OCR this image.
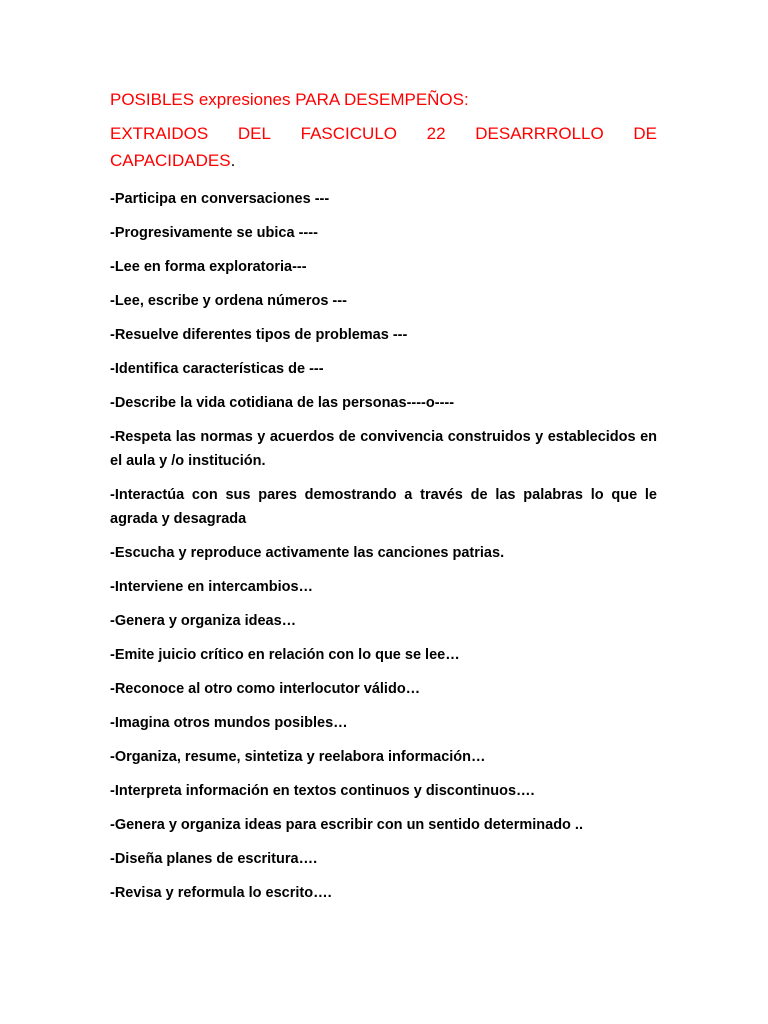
POSIBLES expresiones PARA DESEMPEÑOS:

EXTRAIDOS DEL FASCICULO 22 DESARRROLLO DE
CAPACIDADES.
-Participa en conversaciones ---
-Progresivamente se ubica ----
-Lee en forma exploratoria---
-Lee, escribe y ordena números ---
-Resuelve diferentes tipos de problemas ---
-Identifica características de ---
-Describe la vida cotidiana de las personas----o----
-Respeta las normas y acuerdos de convivencia construidos y establecidos en el aula y /o institución.
-Interactúa con sus pares demostrando a través de las palabras lo que le agrada y desagrada
-Escucha y reproduce activamente las canciones patrias.
-Interviene en intercambios…
-Genera y organiza ideas…
-Emite juicio crítico en relación con lo que se lee…
-Reconoce al otro como interlocutor válido…
-Imagina otros mundos posibles…
-Organiza, resume, sintetiza y reelabora información…
-Interpreta información en textos continuos y discontinuos….
-Genera y organiza ideas para escribir con un sentido determinado ..
-Diseña planes de escritura….
-Revisa y reformula lo escrito….
